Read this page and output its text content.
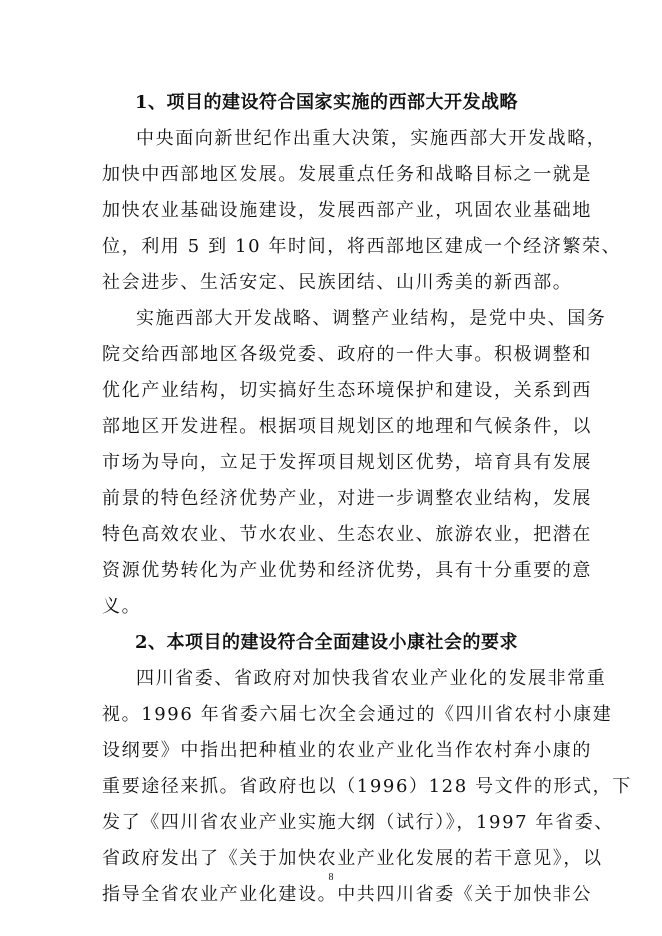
1、项目的建设符合国家实施的西部大开发战略
中央面向新世纪作出重大决策，实施西部大开发战略，
加快中西部地区发展。发展重点任务和战略目标之一就是
加快农业基础设施建设，发展西部产业，巩固农业基础地
位，利用 5 到 10 年时间，将西部地区建成一个经济繁荣、
社会进步、生活安定、民族团结、山川秀美的新西部。
实施西部大开发战略、调整产业结构，是党中央、国务
院交给西部地区各级党委、政府的一件大事。积极调整和
优化产业结构，切实搞好生态环境保护和建设，关系到西
部地区开发进程。根据项目规划区的地理和气候条件，以
市场为导向，立足于发挥项目规划区优势，培育具有发展
前景的特色经济优势产业，对进一步调整农业结构，发展
特色高效农业、节水农业、生态农业、旅游农业，把潜在
资源优势转化为产业优势和经济优势，具有十分重要的意
义。
2、本项目的建设符合全面建设小康社会的要求
四川省委、省政府对加快我省农业产业化的发展非常重
视。1996 年省委六届七次全会通过的《四川省农村小康建
设纲要》中指出把种植业的农业产业化当作农村奔小康的
重要途径来抓。省政府也以（1996）128 号文件的形式，下
发了《四川省农业产业实施大纲（试行）》，1997 年省委、
省政府发出了《关于加快农业产业化发展的若干意见》，以
指导全省农业产业化建设。中共四川省委《关于加快非公
8
